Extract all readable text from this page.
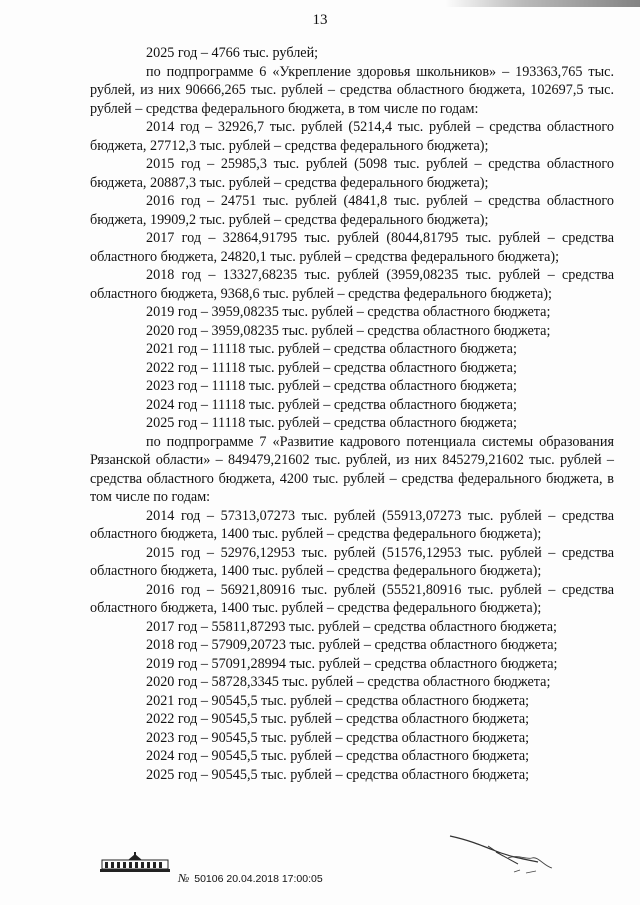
13

2025 год – 4766 тыс. рублей;

по подпрограмме 6 «Укрепление здоровья школьников» – 193363,765 тыс. рублей, из них 90666,265 тыс. рублей – средства областного бюджета, 102697,5 тыс. рублей – средства федерального бюджета, в том числе по годам:

2014 год – 32926,7 тыс. рублей (5214,4 тыс. рублей – средства областного бюджета, 27712,3 тыс. рублей – средства федерального бюджета);

2015 год – 25985,3 тыс. рублей (5098 тыс. рублей – средства областного бюджета, 20887,3 тыс. рублей – средства федерального бюджета);

2016 год – 24751 тыс. рублей (4841,8 тыс. рублей – средства областного бюджета, 19909,2 тыс. рублей – средства федерального бюджета);

2017 год – 32864,91795 тыс. рублей (8044,81795 тыс. рублей – средства областного бюджета, 24820,1 тыс. рублей – средства федерального бюджета);

2018 год – 13327,68235 тыс. рублей (3959,08235 тыс. рублей – средства областного бюджета, 9368,6 тыс. рублей – средства федерального бюджета);

2019 год – 3959,08235 тыс. рублей – средства областного бюджета;

2020 год – 3959,08235 тыс. рублей – средства областного бюджета;

2021 год – 11118 тыс. рублей – средства областного бюджета;

2022 год – 11118 тыс. рублей – средства областного бюджета;

2023 год – 11118 тыс. рублей – средства областного бюджета;

2024 год – 11118 тыс. рублей – средства областного бюджета;

2025 год – 11118 тыс. рублей – средства областного бюджета;

по подпрограмме 7 «Развитие кадрового потенциала системы образования Рязанской области» – 849479,21602 тыс. рублей, из них 845279,21602 тыс. рублей – средства областного бюджета, 4200 тыс. рублей – средства федерального бюджета, в том числе по годам:

2014 год – 57313,07273 тыс. рублей (55913,07273 тыс. рублей – средства областного бюджета, 1400 тыс. рублей – средства федерального бюджета);

2015 год – 52976,12953 тыс. рублей (51576,12953 тыс. рублей – средства областного бюджета, 1400 тыс. рублей – средства федерального бюджета);

2016 год – 56921,80916 тыс. рублей (55521,80916 тыс. рублей – средства областного бюджета, 1400 тыс. рублей – средства федерального бюджета);

2017 год – 55811,87293 тыс. рублей – средства областного бюджета;

2018 год – 57909,20723 тыс. рублей – средства областного бюджета;

2019 год – 57091,28994 тыс. рублей – средства областного бюджета;

2020 год – 58728,3345 тыс. рублей – средства областного бюджета;

2021 год – 90545,5 тыс. рублей – средства областного бюджета;

2022 год – 90545,5 тыс. рублей – средства областного бюджета;

2023 год – 90545,5 тыс. рублей – средства областного бюджета;

2024 год – 90545,5 тыс. рублей – средства областного бюджета;

2025 год – 90545,5 тыс. рублей – средства областного бюджета;

№ 50106 20.04.2018 17:00:05
